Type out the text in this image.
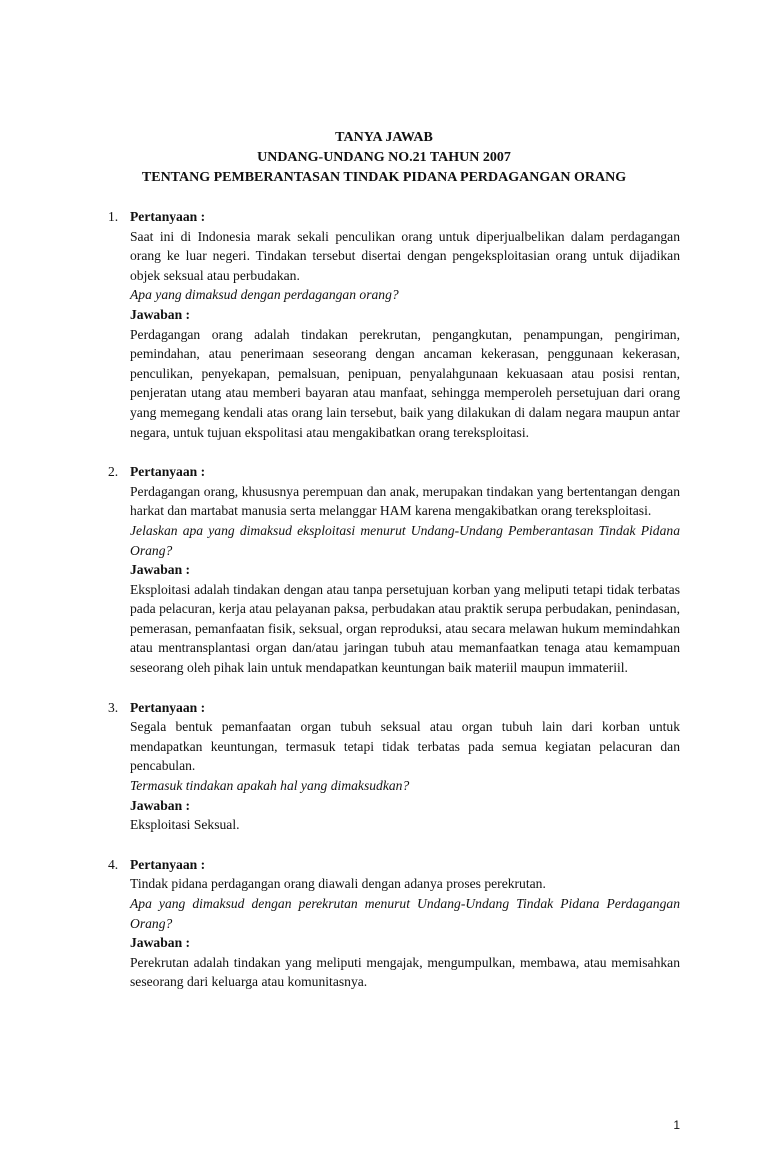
TANYA JAWAB
UNDANG-UNDANG NO.21 TAHUN 2007
TENTANG PEMBERANTASAN TINDAK PIDANA PERDAGANGAN ORANG
1. Pertanyaan :
Saat ini di Indonesia marak sekali penculikan orang untuk diperjualbelikan dalam perdagangan orang ke luar negeri. Tindakan tersebut disertai dengan pengeksploitasian orang untuk dijadikan objek seksual atau perbudakan.
Apa yang dimaksud dengan perdagangan orang?
Jawaban :
Perdagangan orang adalah tindakan perekrutan, pengangkutan, penampungan, pengiriman, pemindahan, atau penerimaan seseorang dengan ancaman kekerasan, penggunaan kekerasan, penculikan, penyekapan, pemalsuan, penipuan, penyalahgunaan kekuasaan atau posisi rentan, penjeratan utang atau memberi bayaran atau manfaat, sehingga memperoleh persetujuan dari orang yang memegang kendali atas orang lain tersebut, baik yang dilakukan di dalam negara maupun antar negara, untuk tujuan ekspolitasi atau mengakibatkan orang tereksploitasi.
2. Pertanyaan :
Perdagangan orang, khususnya perempuan dan anak, merupakan tindakan yang bertentangan dengan harkat dan martabat manusia serta melanggar HAM karena mengakibatkan orang tereksploitasi.
Jelaskan apa yang dimaksud eksploitasi menurut Undang-Undang Pemberantasan Tindak Pidana Orang?
Jawaban :
Eksploitasi adalah tindakan dengan atau tanpa persetujuan korban yang meliputi tetapi tidak terbatas pada pelacuran, kerja atau pelayanan paksa, perbudakan atau praktik serupa perbudakan, penindasan, pemerasan, pemanfaatan fisik, seksual, organ reproduksi, atau secara melawan hukum memindahkan atau mentransplantasi organ dan/atau jaringan tubuh atau memanfaatkan tenaga atau kemampuan seseorang oleh pihak lain untuk mendapatkan keuntungan baik materiil maupun immateriil.
3. Pertanyaan :
Segala bentuk pemanfaatan organ tubuh seksual atau organ tubuh lain dari korban untuk mendapatkan keuntungan, termasuk tetapi tidak terbatas pada semua kegiatan pelacuran dan pencabulan.
Termasuk tindakan apakah hal yang dimaksudkan?
Jawaban :
Eksploitasi Seksual.
4. Pertanyaan :
Tindak pidana perdagangan orang diawali dengan adanya proses perekrutan.
Apa yang dimaksud dengan perekrutan menurut Undang-Undang Tindak Pidana Perdagangan Orang?
Jawaban :
Perekrutan adalah tindakan yang meliputi mengajak, mengumpulkan, membawa, atau memisahkan seseorang dari keluarga atau komunitasnya.
1
